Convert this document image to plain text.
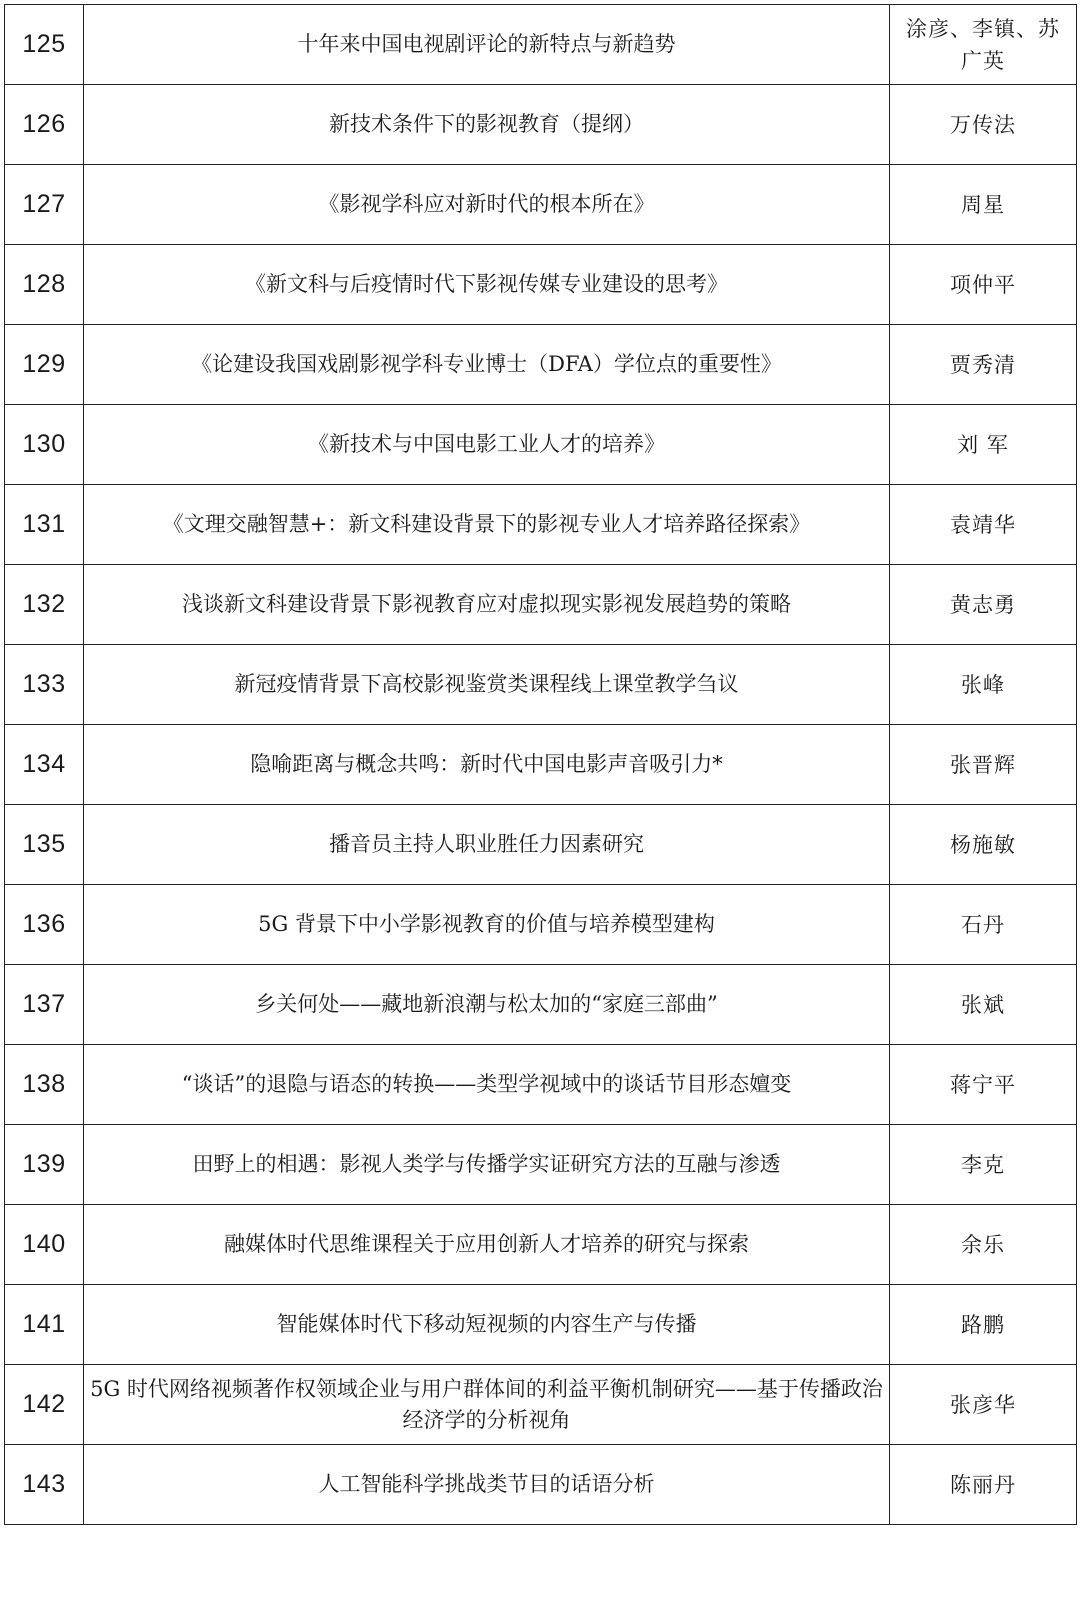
125	十年来中国电视剧评论的新特点与新趋势	涂彦、李镇、苏广英
126	新技术条件下的影视教育（提纲）	万传法
127	《影视学科应对新时代的根本所在》	周星
128	《新文科与后疫情时代下影视传媒专业建设的思考》	项仲平
129	《论建设我国戏剧影视学科专业博士（DFA）学位点的重要性》	贾秀清
130	《新技术与中国电影工业人才的培养》	刘 军
131	《文理交融智慧+：新文科建设背景下的影视专业人才培养路径探索》	袁靖华
132	浅谈新文科建设背景下影视教育应对虚拟现实影视发展趋势的策略	黄志勇
133	新冠疫情背景下高校影视鉴赏类课程线上课堂教学刍议	张峰
134	隐喻距离与概念共鸣：新时代中国电影声音吸引力*	张晋辉
135	播音员主持人职业胜任力因素研究	杨施敏
136	5G 背景下中小学影视教育的价值与培养模型建构	石丹
137	乡关何处——藏地新浪潮与松太加的“家庭三部曲”	张斌
138	“谈话”的退隐与语态的转换——类型学视域中的谈话节目形态嬗变	蒋宁平
139	田野上的相遇：影视人类学与传播学实证研究方法的互融与渗透	李克
140	融媒体时代思维课程关于应用创新人才培养的研究与探索	余乐
141	智能媒体时代下移动短视频的内容生产与传播	路鹏
142	5G 时代网络视频著作权领域企业与用户群体间的利益平衡机制研究——基于传播政治经济学的分析视角	张彦华
143	人工智能科学挑战类节目的话语分析	陈丽丹
